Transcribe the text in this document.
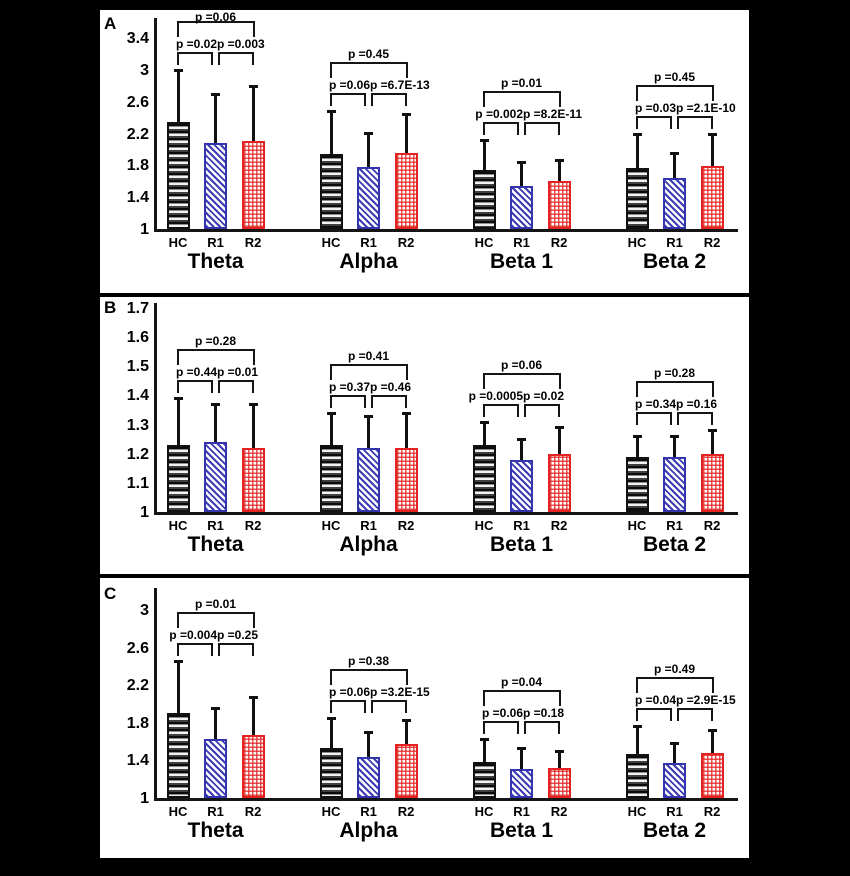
A
3.4
3
2.6
2.2
1.8
1.4
1
HC R1 R2
Theta
p =0.02 p =0.003
p =0.06
HC R1 R2
Alpha
p =0.06 p =6.7E-13
p =0.45
HC R1 R2
Beta 1
p =0.002 p =8.2E-11
p =0.01
HC R1 R2
Beta 2
p =0.03 p =2.1E-10
p =0.45
B 1.7
1.6
1.5
1.4
1.3
1.2
1.1
1
HC R1 R2
Theta
p =0.44 p =0.01
p =0.28
HC R1 R2
Alpha
p =0.37 p =0.46
p =0.41
HC R1 R2
Beta 1
p =0.0005 p =0.02
p =0.06
HC R1 R2
Beta 2
p =0.34 p =0.16
p =0.28
C
3
2.6
2.2
1.8
1.4
1
HC R1 R2
Theta
p =0.004 p =0.25
p =0.01
HC R1 R2
Alpha
p =0.06 p =3.2E-15
p =0.38
HC R1 R2
Beta 1
p =0.06 p =0.18
p =0.04
HC R1 R2
Beta 2
p =0.04 p =2.9E-15
p =0.49
